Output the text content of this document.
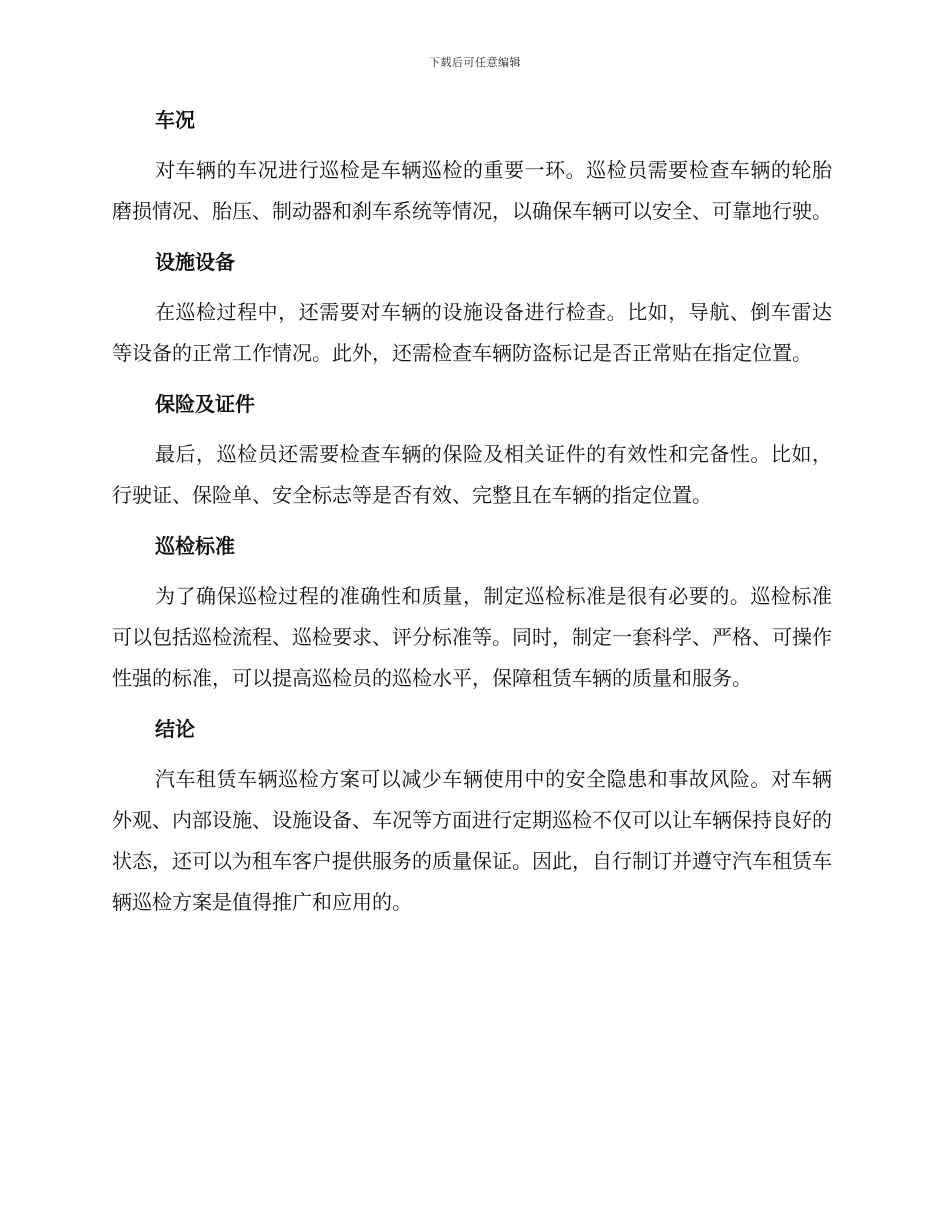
下载后可任意编辑
车况

对车辆的车况进行巡检是车辆巡检的重要一环。巡检员需要检查车辆的轮胎磨损情况、胎压、制动器和刹车系统等情况，以确保车辆可以安全、可靠地行驶。

设施设备

在巡检过程中，还需要对车辆的设施设备进行检查。比如，导航、倒车雷达等设备的正常工作情况。此外，还需检查车辆防盗标记是否正常贴在指定位置。

保险及证件

最后，巡检员还需要检查车辆的保险及相关证件的有效性和完备性。比如，行驶证、保险单、安全标志等是否有效、完整且在车辆的指定位置。

巡检标准

为了确保巡检过程的准确性和质量，制定巡检标准是很有必要的。巡检标准可以包括巡检流程、巡检要求、评分标准等。同时，制定一套科学、严格、可操作性强的标准，可以提高巡检员的巡检水平，保障租赁车辆的质量和服务。

结论

汽车租赁车辆巡检方案可以减少车辆使用中的安全隐患和事故风险。对车辆外观、内部设施、设施设备、车况等方面进行定期巡检不仅可以让车辆保持良好的状态，还可以为租车客户提供服务的质量保证。因此，自行制订并遵守汽车租赁车辆巡检方案是值得推广和应用的。
